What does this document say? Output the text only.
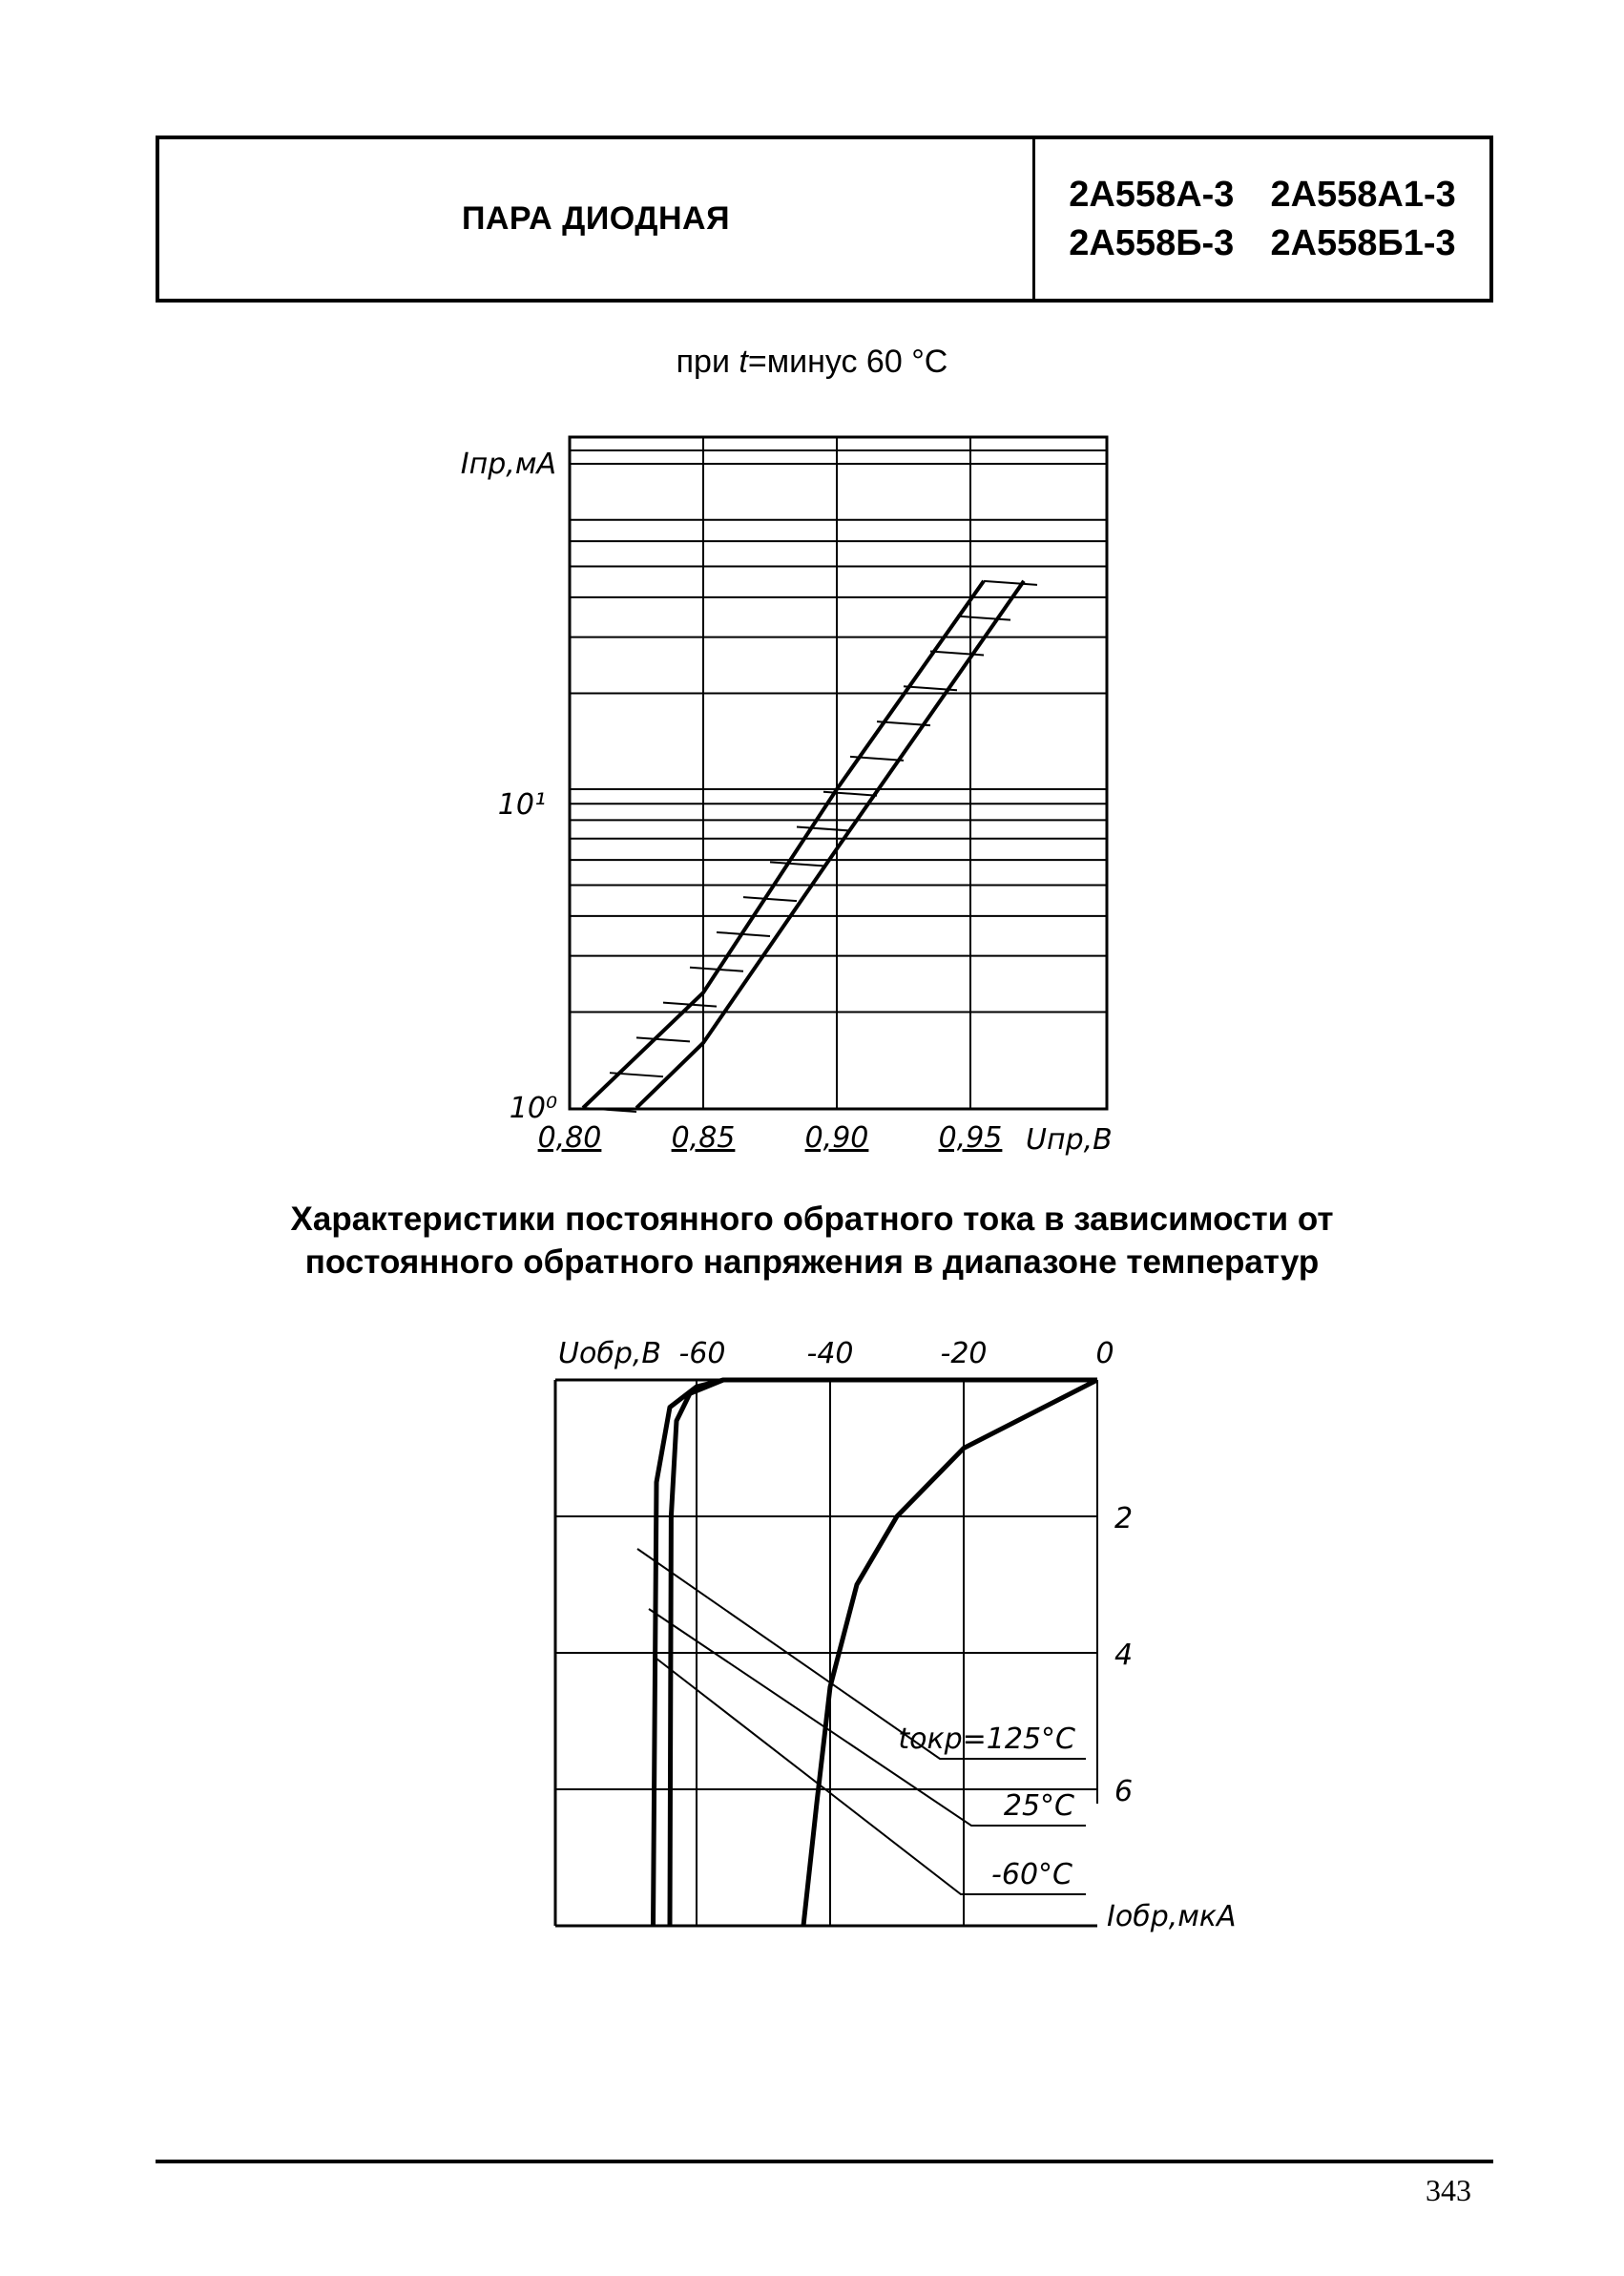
ПАРА ДИОДНАЯ
2А558А-3 2А558А1-3
2А558Б-3 2А558Б1-3
при t=минус 60 °С
Характеристики постоянного обратного тока в зависимости от
постоянного обратного напряжения в диапазоне температур
Iпр,мА
10¹
10⁰
0,80 0,85 0,90 0,95 Uпр,В
tокр=125°С
25°С
-60°С
-60	-40	-20	0
Uобр,В
2
4
6
Iобр,мкА
343
